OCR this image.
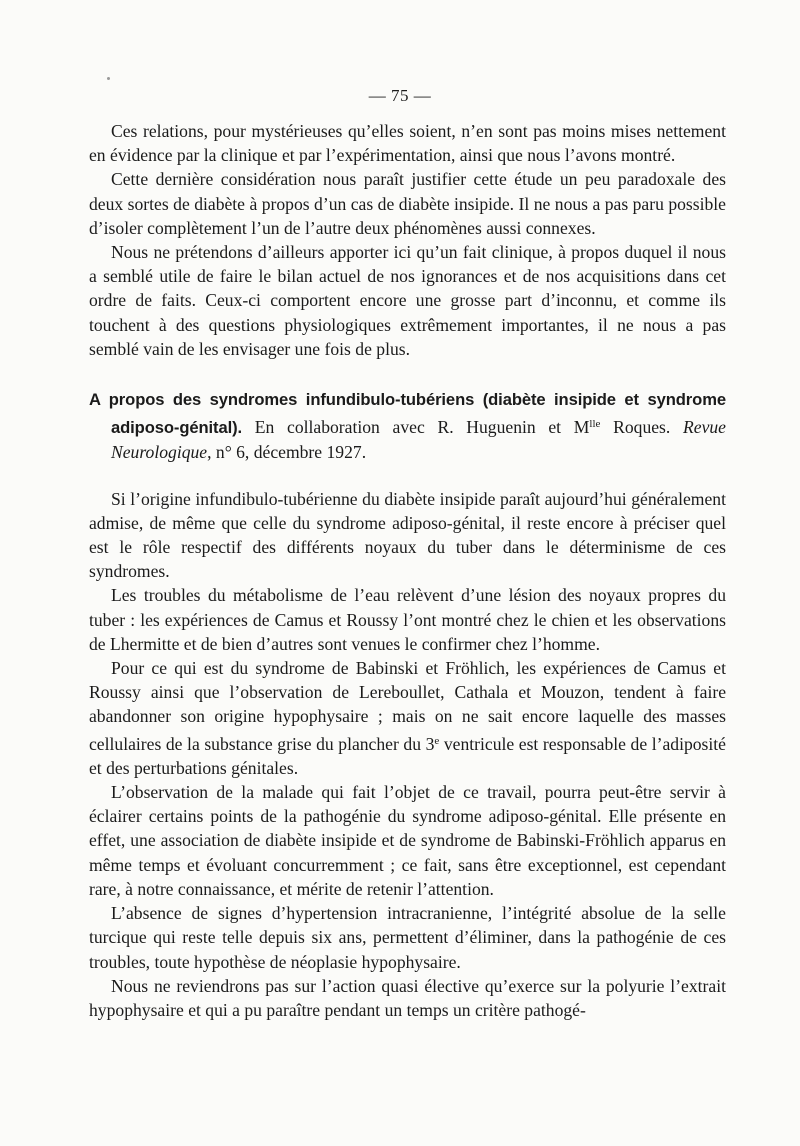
— 75 —

Ces relations, pour mystérieuses qu’elles soient, n’en sont pas moins mises nettement en évidence par la clinique et par l’expérimentation, ainsi que nous l’avons montré.

Cette dernière considération nous paraît justifier cette étude un peu paradoxale des deux sortes de diabète à propos d’un cas de diabète insipide. Il ne nous a pas paru possible d’isoler complètement l’un de l’autre deux phénomènes aussi connexes.

Nous ne prétendons d’ailleurs apporter ici qu’un fait clinique, à propos duquel il nous a semblé utile de faire le bilan actuel de nos ignorances et de nos acquisitions dans cet ordre de faits. Ceux-ci comportent encore une grosse part d’inconnu, et comme ils touchent à des questions physiologiques extrêmement importantes, il ne nous a pas semblé vain de les envisager une fois de plus.

A propos des syndromes infundibulo-tubériens (diabète insipide et syndrome adiposo-génital). En collaboration avec R. Huguenin et $M^{lle}$ Roques. Revue Neurologique, n° 6, décembre 1927.

Si l’origine infundibulo-tubérienne du diabète insipide paraît aujourd’hui généralement admise, de même que celle du syndrome adiposo-génital, il reste encore à préciser quel est le rôle respectif des différents noyaux du tuber dans le déterminisme de ces syndromes.

Les troubles du métabolisme de l’eau relèvent d’une lésion des noyaux propres du tuber : les expériences de Camus et Roussy l’ont montré chez le chien et les observations de Lhermitte et de bien d’autres sont venues le confirmer chez l’homme.

Pour ce qui est du syndrome de Babinski et Fröhlich, les expériences de Camus et Roussy ainsi que l’observation de Lereboullet, Cathala et Mouzon, tendent à faire abandonner son origine hypophysaire ; mais on ne sait encore laquelle des masses cellulaires de la substance grise du plancher du 3e ventricule est responsable de l’adiposité et des perturbations génitales.

L’observation de la malade qui fait l’objet de ce travail, pourra peut-être servir à éclairer certains points de la pathogénie du syndrome adiposo-génital. Elle présente en effet, une association de diabète insipide et de syndrome de Babinski-Fröhlich apparus en même temps et évoluant concurremment ; ce fait, sans être exceptionnel, est cependant rare, à notre connaissance, et mérite de retenir l’attention.

L’absence de signes d’hypertension intracranienne, l’intégrité absolue de la selle turcique qui reste telle depuis six ans, permettent d’éliminer, dans la pathogénie de ces troubles, toute hypothèse de néoplasie hypophysaire.

Nous ne reviendrons pas sur l’action quasi élective qu’exerce sur la polyurie l’extrait hypophysaire et qui a pu paraître pendant un temps un critère pathogé-
